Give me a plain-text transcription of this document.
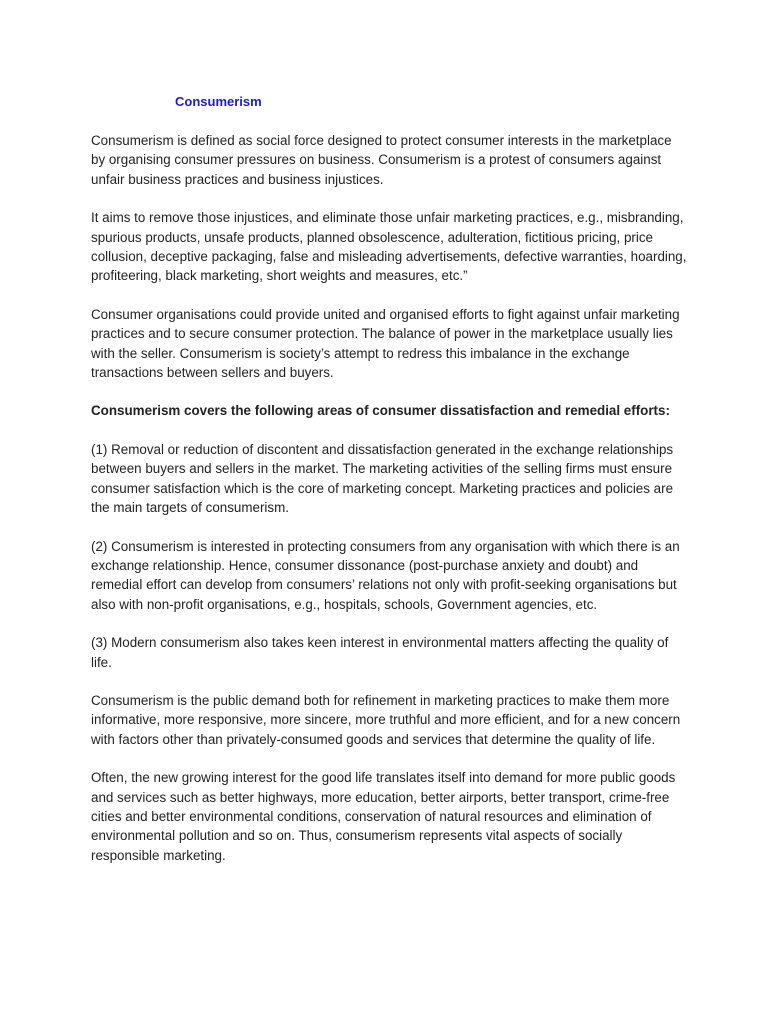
Consumerism

Consumerism is defined as social force designed to protect consumer interests in the marketplace by organising consumer pressures on business. Consumerism is a protest of consumers against unfair business practices and business injustices.

It aims to remove those injustices, and eliminate those unfair marketing practices, e.g., misbranding, spurious products, unsafe products, planned obsolescence, adulteration, fictitious pricing, price collusion, deceptive packaging, false and misleading advertisements, defective warranties, hoarding, profiteering, black marketing, short weights and measures, etc.”

Consumer organisations could provide united and organised efforts to fight against unfair marketing practices and to secure consumer protection. The balance of power in the marketplace usually lies with the seller. Consumerism is society’s attempt to redress this imbalance in the exchange transactions between sellers and buyers.

Consumerism covers the following areas of consumer dissatisfaction and remedial efforts:

(1) Removal or reduction of discontent and dissatisfaction generated in the exchange relationships between buyers and sellers in the market. The marketing activities of the selling firms must ensure consumer satisfaction which is the core of marketing concept. Marketing practices and policies are the main targets of consumerism.

(2) Consumerism is interested in protecting consumers from any organisation with which there is an exchange relationship. Hence, consumer dissonance (post-purchase anxiety and doubt) and remedial effort can develop from consumers’ relations not only with profit-seeking organisations but also with non-profit organisations, e.g., hospitals, schools, Government agencies, etc.

(3) Modern consumerism also takes keen interest in environmental matters affecting the quality of life.

Consumerism is the public demand both for refinement in marketing practices to make them more informative, more responsive, more sincere, more truthful and more efficient, and for a new concern with factors other than privately-consumed goods and services that determine the quality of life.

Often, the new growing interest for the good life translates itself into demand for more public goods and services such as better highways, more education, better airports, better transport, crime-free cities and better environmental conditions, conservation of natural resources and elimination of environmental pollution and so on. Thus, consumerism represents vital aspects of socially responsible marketing.
